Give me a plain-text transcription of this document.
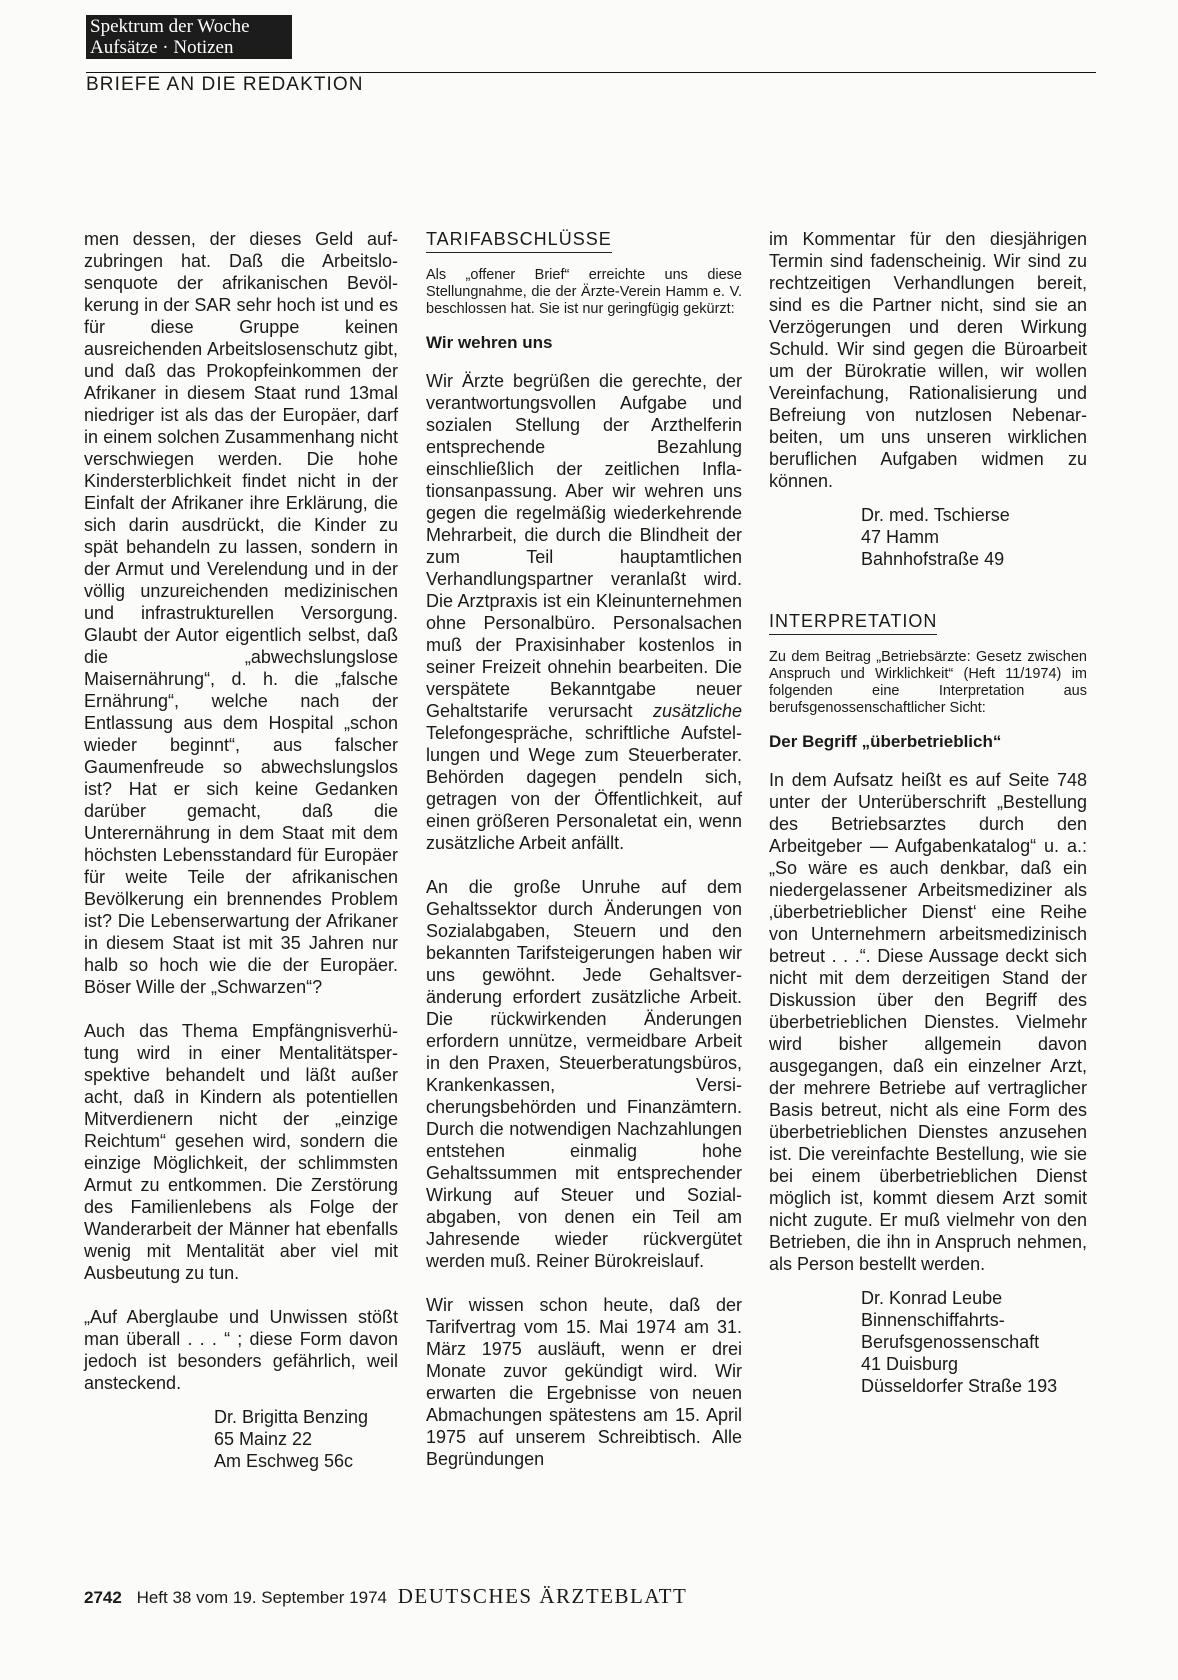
Spektrum der Woche
Aufsätze · Notizen
BRIEFE AN DIE REDAKTION

men dessen, der dieses Geld aufzubringen hat. Daß die Arbeitslosenquote der afrikanischen Bevölkerung in der SAR sehr hoch ist und es für diese Gruppe keinen ausreichenden Arbeitslosenschutz gibt, und daß das Prokopfeinkommen der Afrikaner in diesem Staat rund 13mal niedriger ist als das der Europäer, darf in einem solchen Zusammenhang nicht verschwiegen werden. Die hohe Kindersterblichkeit findet nicht in der Einfalt der Afrikaner ihre Erklärung, die sich darin ausdrückt, die Kinder zu spät behandeln zu lassen, sondern in der Armut und Verelendung und in der völlig unzureichenden medizinischen und infrastrukturellen Versorgung. Glaubt der Autor eigentlich selbst, daß die „abwechslungslose Maisernährung“, d. h. die „falsche Ernährung“, welche nach der Entlassung aus dem Hospital „schon wieder beginnt“, aus falscher Gaumenfreude so abwechslungslos ist? Hat er sich keine Gedanken darüber gemacht, daß die Unterernährung in dem Staat mit dem höchsten Lebensstandard für Europäer für weite Teile der afrikanischen Bevölkerung ein brennendes Problem ist? Die Lebenserwartung der Afrikaner in diesem Staat ist mit 35 Jahren nur halb so hoch wie die der Europäer. Böser Wille der „Schwarzen“?

Auch das Thema Empfängnisverhütung wird in einer Mentalitätsperspektive behandelt und läßt außer acht, daß in Kindern als potentiellen Mitverdienern nicht der „einzige Reichtum“ gesehen wird, sondern die einzige Möglichkeit, der schlimmsten Armut zu entkommen. Die Zerstörung des Familienlebens als Folge der Wanderarbeit der Männer hat ebenfalls wenig mit Mentalität aber viel mit Ausbeutung zu tun.

„Auf Aberglaube und Unwissen stößt man überall . . . “ ; diese Form davon jedoch ist besonders gefährlich, weil ansteckend.

Dr. Brigitta Benzing
65 Mainz 22
Am Eschweg 56c
TARIFABSCHLÜSSE

Als „offener Brief“ erreichte uns diese Stellungnahme, die der Ärzte-Verein Hamm e. V. beschlossen hat. Sie ist nur geringfügig gekürzt:

Wir wehren uns

Wir Ärzte begrüßen die gerechte, der verantwortungsvollen Aufgabe und sozialen Stellung der Arzthelferin entsprechende Bezahlung einschließlich der zeitlichen Inflationsanpassung. Aber wir wehren uns gegen die regelmäßig wiederkehrende Mehrarbeit, die durch die Blindheit der zum Teil hauptamtlichen Verhandlungspartner veranlaßt wird. Die Arztpraxis ist ein Kleinunternehmen ohne Personalbüro. Personalsachen muß der Praxisinhaber kostenlos in seiner Freizeit ohnehin bearbeiten. Die verspätete Bekanntgabe neuer Gehaltstarife verursacht zusätzliche Telefongespräche, schriftliche Aufstellungen und Wege zum Steuerberater. Behörden dagegen pendeln sich, getragen von der Öffentlichkeit, auf einen größeren Personaletat ein, wenn zusätzliche Arbeit anfällt.

An die große Unruhe auf dem Gehaltssektor durch Änderungen von Sozialabgaben, Steuern und den bekannten Tarifsteigerungen haben wir uns gewöhnt. Jede Gehaltsveränderung erfordert zusätzliche Arbeit. Die rückwirkenden Änderungen erfordern unnütze, vermeidbare Arbeit in den Praxen, Steuerberatungsbüros, Krankenkassen, Versicherungsbehörden und Finanzämtern. Durch die notwendigen Nachzahlungen entstehen einmalig hohe Gehaltssummen mit entsprechender Wirkung auf Steuer und Sozialabgaben, von denen ein Teil am Jahresende wieder rückvergütet werden muß. Reiner Bürokreislauf.

Wir wissen schon heute, daß der Tarifvertrag vom 15. Mai 1974 am 31. März 1975 ausläuft, wenn er drei Monate zuvor gekündigt wird. Wir erwarten die Ergebnisse von neuen Abmachungen spätestens am 15. April 1975 auf unserem Schreibtisch. Alle Begründungen

im Kommentar für den diesjährigen Termin sind fadenscheinig. Wir sind zu rechtzeitigen Verhandlungen bereit, sind es die Partner nicht, sind sie an Verzögerungen und deren Wirkung Schuld. Wir sind gegen die Büroarbeit um der Bürokratie willen, wir wollen Vereinfachung, Rationalisierung und Befreiung von nutzlosen Nebenarbeiten, um uns unseren wirklichen beruflichen Aufgaben widmen zu können.

Dr. med. Tschierse
47 Hamm
Bahnhofstraße 49
INTERPRETATION

Zu dem Beitrag „Betriebsärzte: Gesetz zwischen Anspruch und Wirklichkeit“ (Heft 11/1974) im folgenden eine Interpretation aus berufsgenossenschaftlicher Sicht:

Der Begriff „überbetrieblich“

In dem Aufsatz heißt es auf Seite 748 unter der Unterüberschrift „Bestellung des Betriebsarztes durch den Arbeitgeber — Aufgabenkatalog“ u. a.: „So wäre es auch denkbar, daß ein niedergelassener Arbeitsmediziner als ‚überbetrieblicher Dienst‘ eine Reihe von Unternehmern arbeitsmedizinisch betreut . . .“. Diese Aussage deckt sich nicht mit dem derzeitigen Stand der Diskussion über den Begriff des überbetrieblichen Dienstes. Vielmehr wird bisher allgemein davon ausgegangen, daß ein einzelner Arzt, der mehrere Betriebe auf vertraglicher Basis betreut, nicht als eine Form des überbetrieblichen Dienstes anzusehen ist. Die vereinfachte Bestellung, wie sie bei einem überbetrieblichen Dienst möglich ist, kommt diesem Arzt somit nicht zugute. Er muß vielmehr von den Betrieben, die ihn in Anspruch nehmen, als Person bestellt werden.

Dr. Konrad Leube
Binnenschiffahrts-
Berufsgenossenschaft
41 Duisburg
Düsseldorfer Straße 193
2742 Heft 38 vom 19. September 1974 DEUTSCHES ÄRZTEBLATT
